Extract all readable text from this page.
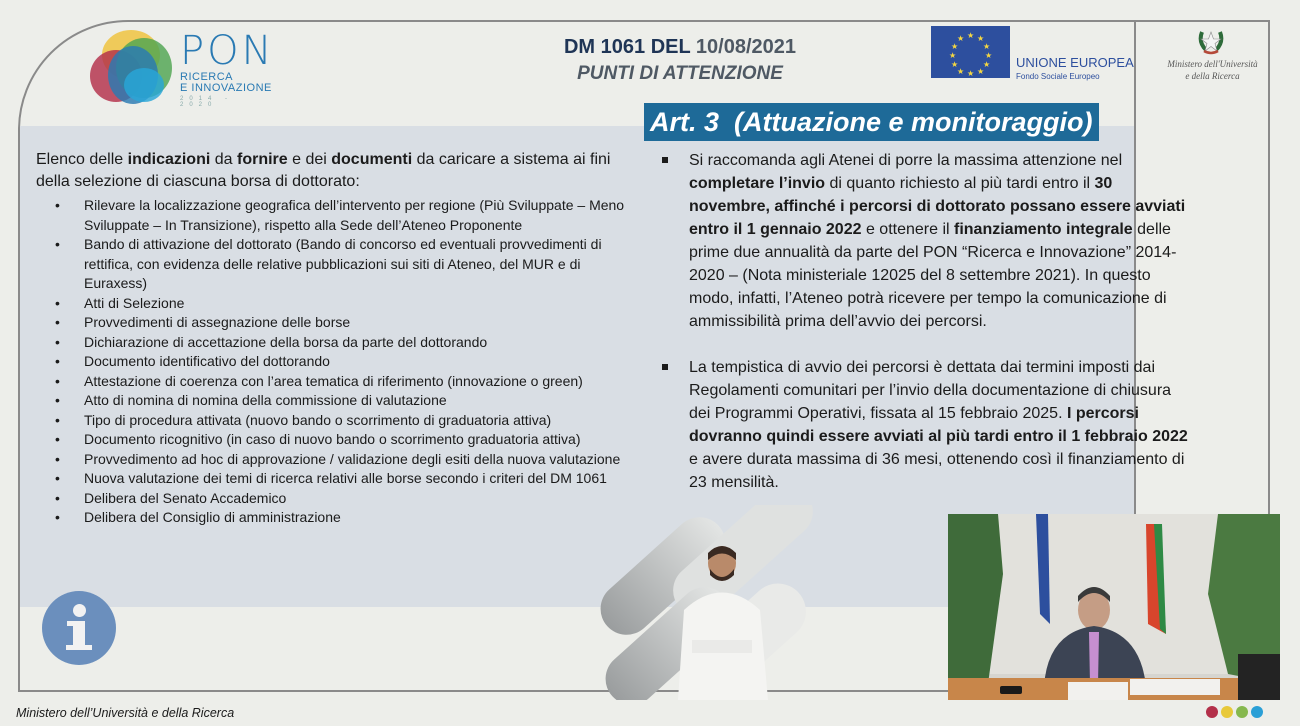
PON
RICERCA
E INNOVAZIONE
2014 - 2020
DM 1061 DEL 10/08/2021
PUNTI DI ATTENZIONE
★ ★
★
★
★
★
★
★
★
★
★
★
UNIONE EUROPEA
Fondo Sociale Europeo
Ministero dell'Università
e della Ricerca
Art. 3  (Attuazione e monitoraggio)
Elenco delle indicazioni da fornire e dei documenti da caricare a sistema ai fini della selezione di ciascuna borsa di dottorato:
• Rilevare la localizzazione geografica dell’intervento per regione (Più Sviluppate – Meno Sviluppate – In Transizione), rispetto alla Sede dell’Ateneo Proponente
• Bando di attivazione del dottorato (Bando di concorso ed eventuali provvedimenti di rettifica, con evidenza delle relative pubblicazioni sui siti di Ateneo, del MUR e di Euraxess)
• Atti di Selezione
• Provvedimenti di assegnazione delle borse
• Dichiarazione di accettazione della borsa da parte del dottorando
• Documento identificativo del dottorando
• Attestazione di coerenza con l’area tematica di riferimento (innovazione o green)
• Atto di nomina di nomina della commissione di valutazione
• Tipo di procedura attivata (nuovo bando o scorrimento di graduatoria attiva)
• Documento ricognitivo (in caso di nuovo bando o scorrimento graduatoria attiva)
• Provvedimento ad hoc di approvazione / validazione degli esiti della nuova valutazione
• Nuova valutazione dei temi di ricerca relativi alle borse secondo i criteri del DM 1061
• Delibera del Senato Accademico
• Delibera del Consiglio di amministrazione
Si raccomanda agli Atenei di porre la massima attenzione nel completare l’invio di quanto richiesto al più tardi entro il 30 novembre, affinché i percorsi di dottorato possano essere avviati entro il 1 gennaio 2022 e ottenere il finanziamento integrale delle prime due annualità da parte del PON “Ricerca e Innovazione” 2014-2020 – (Nota ministeriale 12025 del 8 settembre 2021). In questo modo, infatti, l’Ateneo potrà ricevere per tempo la comunicazione di ammissibilità prima dell’avvio dei percorsi.
La tempistica di avvio dei percorsi è dettata dai termini imposti dai Regolamenti comunitari per l’invio della documentazione di chiusura dei Programmi Operativi, fissata al 15 febbraio 2025. I percorsi dovranno quindi essere avviati al più tardi entro il 1 febbraio 2022 e avere durata massima di 36 mesi, ottenendo così il finanziamento di 23 mensilità.
Ministero dell’Università e della Ricerca
